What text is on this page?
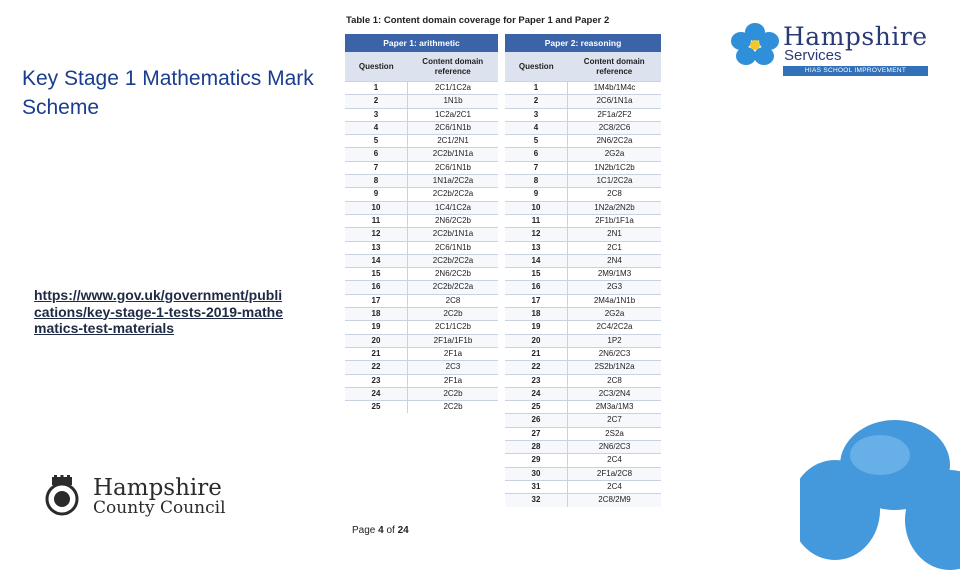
Key Stage 1 Mathematics Mark Scheme
https://www.gov.uk/government/publications/key-stage-1-tests-2019-mathematics-test-materials
Table 1: Content domain coverage for Paper 1 and Paper 2
Paper 1: arithmetic	
Question	Content domain reference
1	2C1/1C2a
2	1N1b
3	1C2a/2C1
4	2C6/1N1b
5	2C1/2N1
6	2C2b/1N1a
7	2C6/1N1b
8	1N1a/2C2a
9	2C2b/2C2a
10	1C4/1C2a
11	2N6/2C2b
12	2C2b/1N1a
13	2C6/1N1b
14	2C2b/2C2a
15	2N6/2C2b
16	2C2b/2C2a
17	2C8
18	2C2b
19	2C1/1C2b
20	2F1a/1F1b
21	2F1a
22	2C3
23	2F1a
24	2C2b
25	2C2b
Paper 2: reasoning	
Question	Content domain reference
1	1M4b/1M4c
2	2C6/1N1a
3	2F1a/2F2
4	2C8/2C6
5	2N6/2C2a
6	2G2a
7	1N2b/1C2b
8	1C1/2C2a
9	2C8
10	1N2a/2N2b
11	2F1b/1F1a
12	2N1
13	2C1
14	2N4
15	2M9/1M3
16	2G3
17	2M4a/1N1b
18	2G2a
19	2C4/2C2a
20	1P2
21	2N6/2C3
22	2S2b/1N2a
23	2C8
24	2C3/2N4
25	2M3a/1M3
26	2C7
27	2S2a
28	2N6/2C3
29	2C4
30	2F1a/2C8
31	2C4
32	2C8/2M9
Page 4 of 24
Hampshire
Services
HIAS SCHOOL IMPROVEMENT
Hampshire
County Council
